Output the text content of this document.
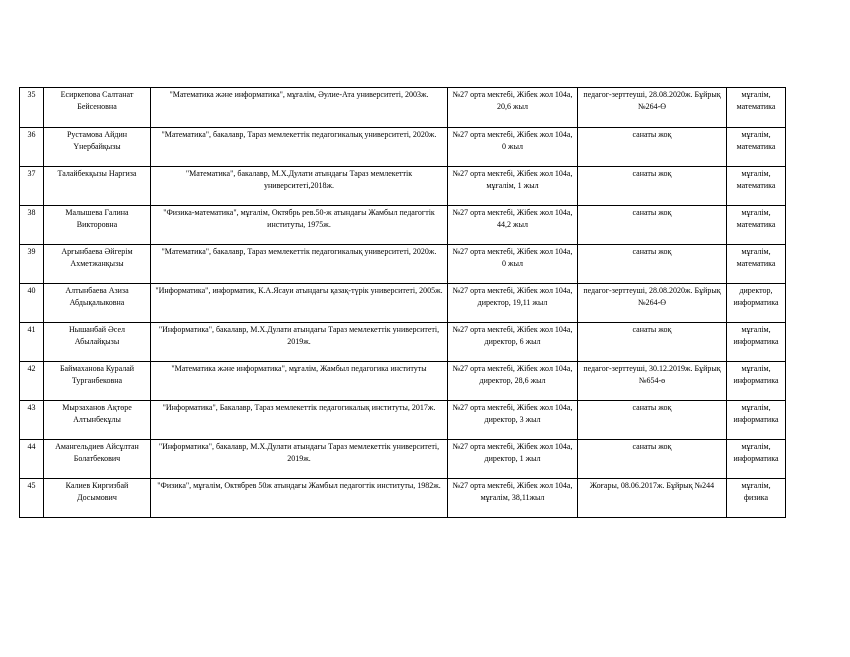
35	Есиркепова Салтанат Бейсеновна	"Математика және информатика", мұғалім, Әулие-Ата университеті, 2003ж.	№27 орта мектебі, Жібек жол 104а, 20,6 жыл	педагог-зерттеуші, 28.08.2020ж. Бұйрық №264-Ө	мұғалім, математика
36	Рустамова Айдин Үнербайқызы	"Математика", бакалавр, Тараз мемлекеттік педагогикалық университеті, 2020ж.	№27 орта мектебі, Жібек жол 104а, 0 жыл	санаты жоқ	мұғалім, математика
37	Талайбекқызы Наргиза	"Математика", бакалавр, М.Х.Дулати атындағы Тараз мемлекеттік университеті,2018ж.	№27 орта мектебі, Жібек жол 104а, мұғалім, 1 жыл	санаты жоқ	мұғалім, математика
38	Малышева Галина Викторовна	"Физика-математика", мұғалім, Октябрь рев.50-ж атындағы Жамбыл педагогтік институты, 1975ж.	№27 орта мектебі, Жібек жол 104а, 44,2 жыл	санаты жоқ	мұғалім, математика
39	Арғынбаева Әйгерім Ахметжанқызы	"Математика", бакалавр, Тараз мемлекеттік педагогикалық университеті, 2020ж.	№27 орта мектебі, Жібек жол 104а, 0 жыл	санаты жоқ	мұғалім, математика
40	Алтынбаева Азиза Абдықалыковна	"Информатика", информатик, К.А.Ясауи атындағы қазақ-түрік университеті, 2005ж.	№27 орта мектебі, Жібек жол 104а, директор, 19,11 жыл	педагог-зерттеуші, 28.08.2020ж. Бұйрық №264-Ө	директор, информатика
41	Нышанбай Әсел Абылайқызы	"Информатика", бакалавр, М.Х.Дулати атындағы Тараз мемлекеттік университеті, 2019ж.	№27 орта мектебі, Жібек жол 104а, директор, 6 жыл	санаты жоқ	мұғалім, информатика
42	Баймаханова Куралай Турганбековна	"Математика және информатика", мұғалім, Жамбыл педагогика институты	№27 орта мектебі, Жібек жол 104а, директор, 28,6 жыл	педагог-зерттеуші, 30.12.2019ж. Бұйрық №654-ө	мұғалім, информатика
43	Мырзаханов Ақтөре Алтынбекұлы	"Информатика", Бакалавр, Тараз мемлекеттік педагогикалық институты, 2017ж.	№27 орта мектебі, Жібек жол 104а, директор, 3 жыл	санаты жоқ	мұғалім, информатика
44	Амангельдиев Айсұлтан Болатбекович	"Информатика", бакалавр, М.Х.Дулати атындағы Тараз мемлекеттік университеті, 2019ж.	№27 орта мектебі, Жібек жол 104а, директор, 1 жыл	санаты жоқ	мұғалім, информатика
45	Калиев Киргизбай Досымович	"Физика", мұғалім, Октябрев 50ж атындағы Жамбыл педагогтік институты, 1982ж.	№27 орта мектебі, Жібек жол 104а, мұғалім, 38,11жыл	Жоғары, 08.06.2017ж. Бұйрық №244	мұғалім, физика
